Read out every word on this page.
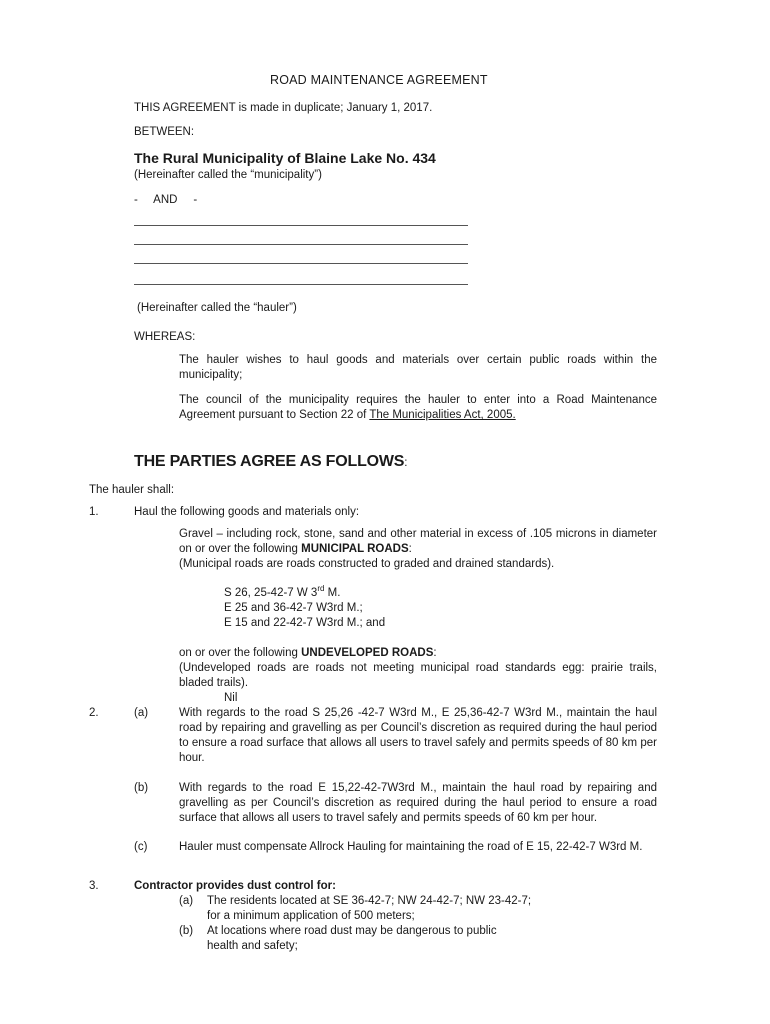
ROAD MAINTENANCE AGREEMENT
THIS AGREEMENT is made in duplicate; January 1, 2017.
BETWEEN:
The Rural Municipality of Blaine Lake No. 434
(Hereinafter called the “municipality”)
-     AND     -
(Hereinafter called the “hauler”)
WHEREAS:
The hauler wishes to haul goods and materials over certain public roads within the municipality;
The council of the municipality requires the hauler to enter into a Road Maintenance Agreement pursuant to Section 22 of The Municipalities Act, 2005.
THE PARTIES AGREE AS FOLLOWS:
The hauler shall:
1.	Haul the following goods and materials only:
Gravel – including rock, stone, sand and other material in excess of .105 microns in diameter on or over the following MUNICIPAL ROADS:
(Municipal roads are roads constructed to graded and drained standards).
S 26, 25-42-7 W 3rd M.
E 25 and 36-42-7 W3rd M.;
E 15 and 22-42-7 W3rd M.; and
on or over the following UNDEVELOPED ROADS:
(Undeveloped roads are roads not meeting municipal road standards egg: prairie trails, bladed trails).
Nil
2.	(a)	With regards to the road S 25,26 -42-7 W3rd M., E 25,36-42-7 W3rd M., maintain the haul road by repairing and gravelling as per Council’s discretion as required during the haul period to ensure a road surface that allows all users to travel safely and permits speeds of 80 km per hour.
(b)	With regards to the road E 15,22-42-7W3rd M., maintain the haul road by repairing and gravelling as per Council’s discretion as required during the haul period to ensure a road surface that allows all users to travel safely and permits speeds of 60 km per hour.
(c)	Hauler must compensate Allrock Hauling for maintaining the road of E 15, 22-42-7 W3rd M.
3.	Contractor provides dust control for:
(a) The residents located at SE 36-42-7; NW 24-42-7; NW 23-42-7;
for a minimum application of 500 meters;
(b) At locations where road dust may be dangerous to public
health and safety;
